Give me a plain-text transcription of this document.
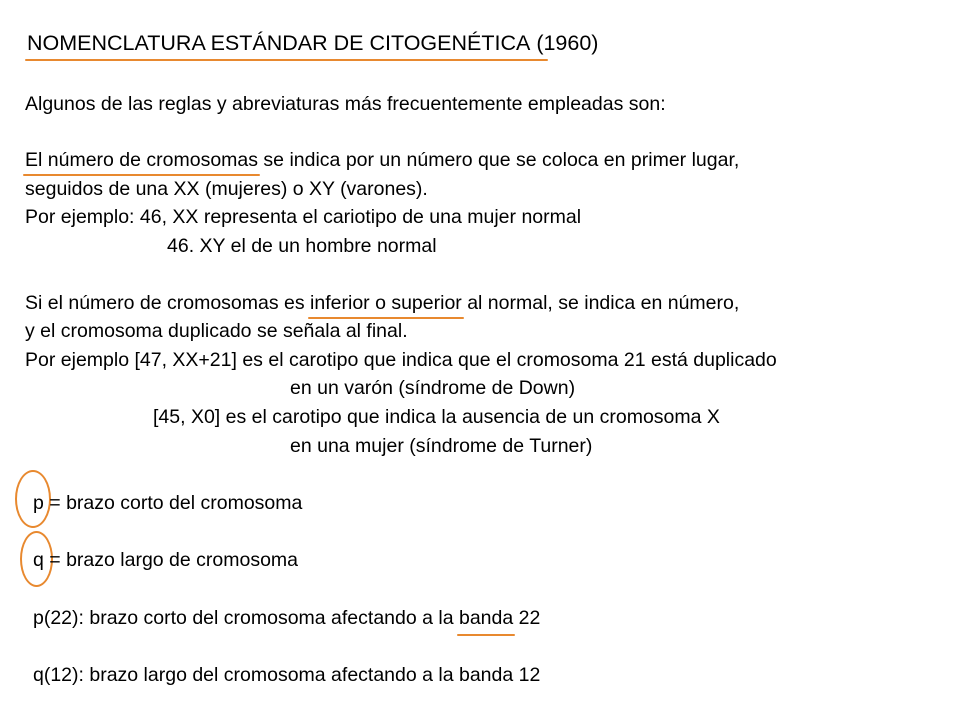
NOMENCLATURA ESTÁNDAR DE CITOGENÉTICA
(1960)
Algunos de las reglas y abreviaturas más frecuentemente empleadas son:
El número de cromosomas
se indica por un número que se coloca en primer lugar,
seguidos de una XX (mujeres) o XY (varones).
Por ejemplo: 46, XX representa el cariotipo de una mujer normal
46. XY el de un hombre normal
Si el número de cromosomas es inferior o superior
al normal, se indica en número,
y el cromosoma duplicado se señala al final.
Por ejemplo [47, XX+21] es el carotipo que indica que el cromosoma 21 está duplicado
en un varón (síndrome de Down)
[45, X0] es el carotipo que indica la ausencia de un cromosoma X
en una mujer (síndrome de Turner)
p = brazo corto del cromosoma
q = brazo largo de cromosoma
p(22): brazo corto del cromosoma afectando a la banda
22
q(12): brazo largo del cromosoma afectando a la banda 12
